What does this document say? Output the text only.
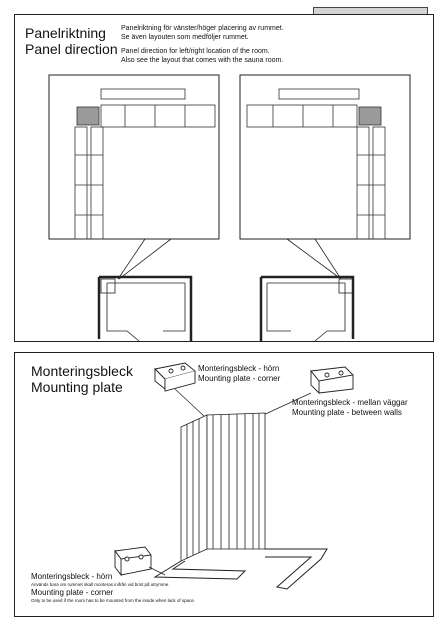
Panelriktning
Panel direction
Panelriktning för vänster/höger placering av rummet.
Se även layouten som medföljer rummet.
Panel direction for left/right location of the room.
Also see the layout that comes with the sauna room.
Monteringsbleck
Mounting plate
Monteringsbleck - hörn
Mounting plate - corner
Monteringsbleck - mellan väggar
Mounting plate - between walls
Monteringsbleck - hörn
Används bara om rummet skall monteras inifrån vid brist på utrymme.
Mounting plate - corner
Only to be used if the room has to be mounted from the inside when lack of space.
